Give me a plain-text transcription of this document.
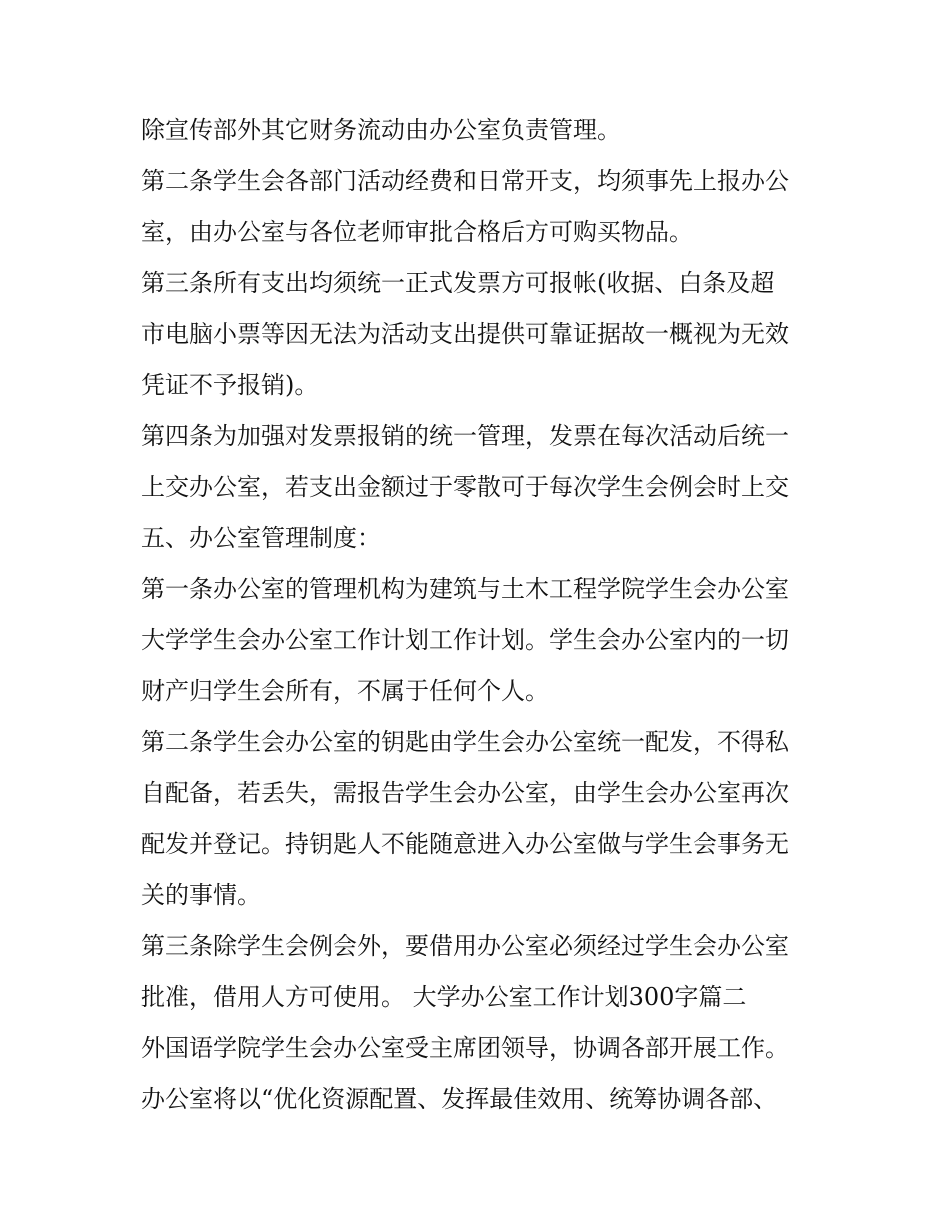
除宣传部外其它财务流动由办公室负责管理。
第二条学生会各部门活动经费和日常开支，均须事先上报办公
室，由办公室与各位老师审批合格后方可购买物品。
第三条所有支出均须统一正式发票方可报帐(收据、白条及超
市电脑小票等因无法为活动支出提供可靠证据故一概视为无效
凭证不予报销)。
第四条为加强对发票报销的统一管理，发票在每次活动后统一
上交办公室，若支出金额过于零散可于每次学生会例会时上交
五、办公室管理制度：
第一条办公室的管理机构为建筑与土木工程学院学生会办公室
大学学生会办公室工作计划工作计划。学生会办公室内的一切
财产归学生会所有，不属于任何个人。
第二条学生会办公室的钥匙由学生会办公室统一配发，不得私
自配备，若丢失，需报告学生会办公室，由学生会办公室再次
配发并登记。持钥匙人不能随意进入办公室做与学生会事务无
关的事情。
第三条除学生会例会外，要借用办公室必须经过学生会办公室
批准，借用人方可使用。 大学办公室工作计划300字篇二
外国语学院学生会办公室受主席团领导，协调各部开展工作。
办公室将以“优化资源配置、发挥最佳效用、统筹协调各部、
